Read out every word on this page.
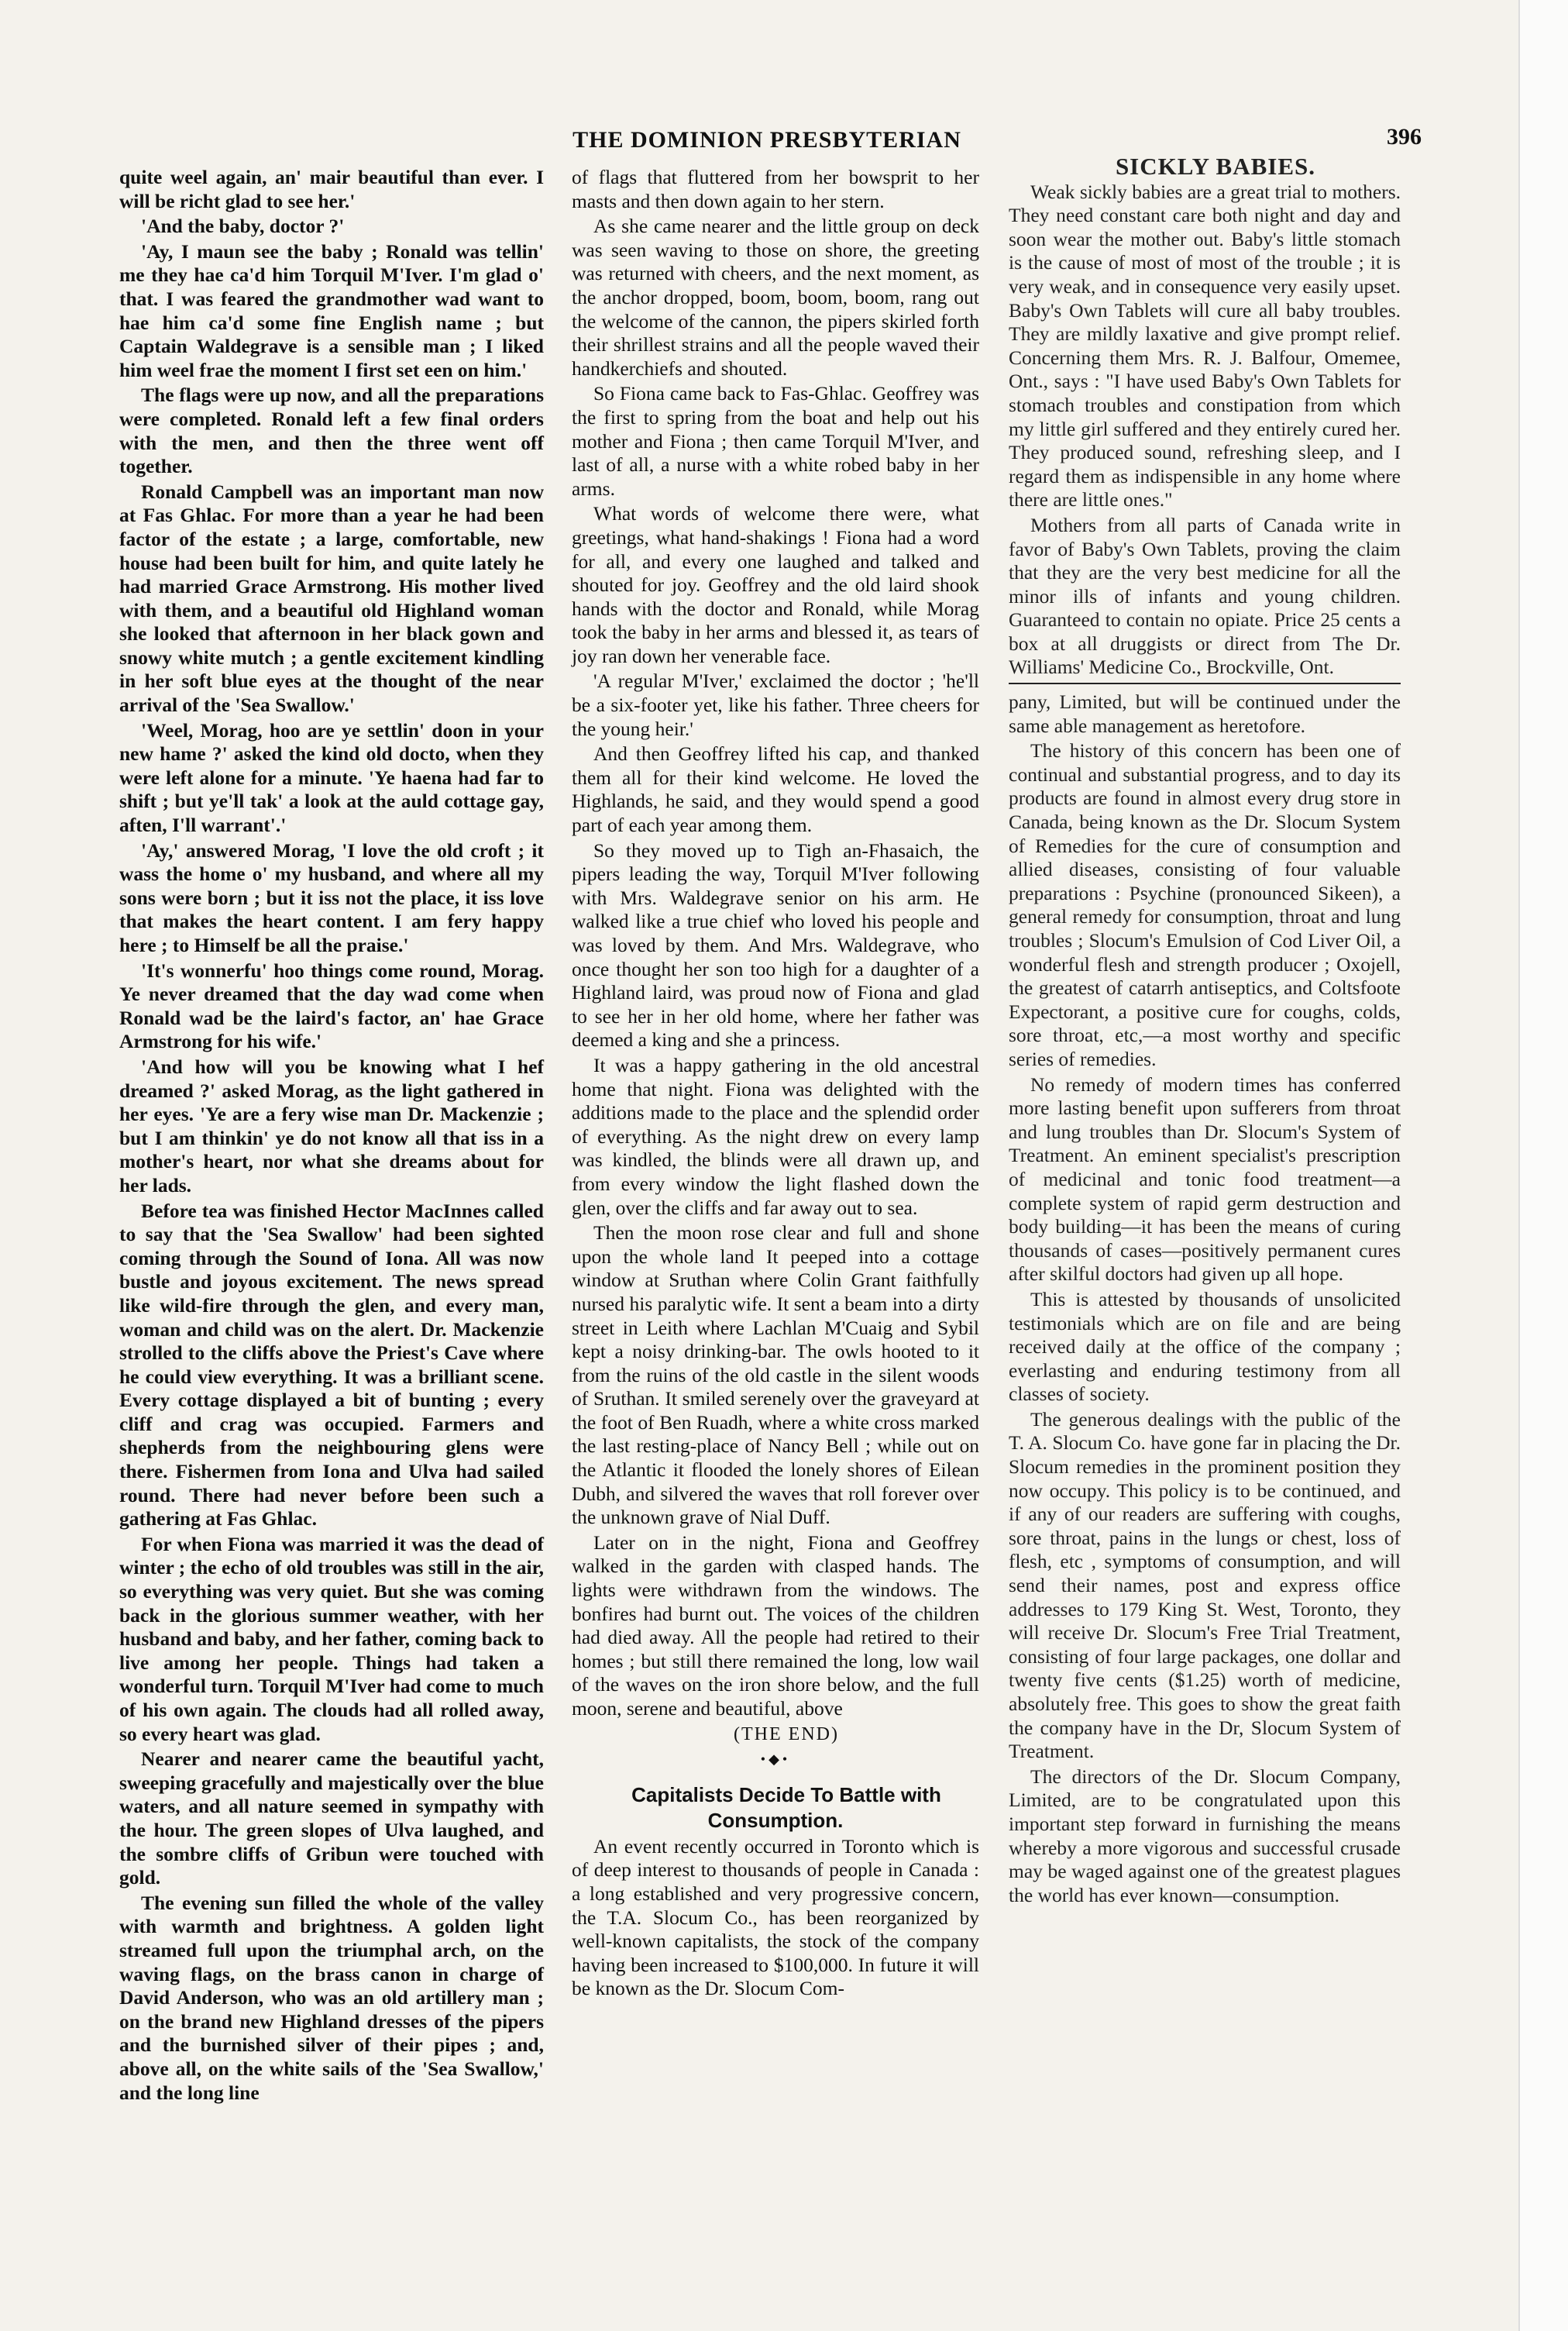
THE DOMINION PRESBYTERIAN	396

quite weel again, an' mair beautiful than ever. I will be richt glad to see her.'

'And the baby, doctor ?'

'Ay, I maun see the baby ; Ronald was tellin' me they hae ca'd him Torquil M'Iver. I'm glad o' that. I was feared the grandmother wad want to hae him ca'd some fine English name ; but Captain Waldegrave is a sensible man ; I liked him weel frae the moment I first set een on him.'

The flags were up now, and all the preparations were completed. Ronald left a few final orders with the men, and then the three went off together.

Ronald Campbell was an important man now at Fas Ghlac. For more than a year he had been factor of the estate ; a large, comfortable, new house had been built for him, and quite lately he had married Grace Armstrong. His mother lived with them, and a beautiful old Highland woman she looked that afternoon in her black gown and snowy white mutch ; a gentle excitement kindling in her soft blue eyes at the thought of the near arrival of the 'Sea Swallow.'

'Weel, Morag, hoo are ye settlin' doon in your new hame ?' asked the kind old docto, when they were left alone for a minute. 'Ye haena had far to shift ; but ye'll tak' a look at the auld cottage gay, aften, I'll warrant'.'

'Ay,' answered Morag, 'I love the old croft ; it wass the home o' my husband, and where all my sons were born ; but it iss not the place, it iss love that makes the heart content. I am fery happy here ; to Himself be all the praise.'

'It's wonnerfu' hoo things come round, Morag. Ye never dreamed that the day wad come when Ronald wad be the laird's factor, an' hae Grace Armstrong for his wife.'

'And how will you be knowing what I hef dreamed ?' asked Morag, as the light gathered in her eyes. 'Ye are a fery wise man Dr. Mackenzie ; but I am thinkin' ye do not know all that iss in a mother's heart, nor what she dreams about for her lads.

Before tea was finished Hector MacInnes called to say that the 'Sea Swallow' had been sighted coming through the Sound of Iona. All was now bustle and joyous excitement. The news spread like wild-fire through the glen, and every man, woman and child was on the alert. Dr. Mackenzie strolled to the cliffs above the Priest's Cave where he could view everything. It was a brilliant scene. Every cottage displayed a bit of bunting ; every cliff and crag was occupied. Farmers and shepherds from the neighbouring glens were there. Fishermen from Iona and Ulva had sailed round. There had never before been such a gathering at Fas Ghlac.

For when Fiona was married it was the dead of winter ; the echo of old troubles was still in the air, so everything was very quiet. But she was coming back in the glorious summer weather, with her husband and baby, and her father, coming back to live among her people. Things had taken a wonderful turn. Torquil M'Iver had come to much of his own again. The clouds had all rolled away, so every heart was glad.

Nearer and nearer came the beautiful yacht, sweeping gracefully and majestically over the blue waters, and all nature seemed in sympathy with the hour. The green slopes of Ulva laughed, and the sombre cliffs of Gribun were touched with gold.

The evening sun filled the whole of the valley with warmth and brightness. A golden light streamed full upon the triumphal arch, on the waving flags, on the brass canon in charge of David Anderson, who was an old artillery man ; on the brand new Highland dresses of the pipers and the burnished silver of their pipes ; and, above all, on the white sails of the 'Sea Swallow,' and the long line

of flags that fluttered from her bowsprit to her masts and then down again to her stern.

As she came nearer and the little group on deck was seen waving to those on shore, the greeting was returned with cheers, and the next moment, as the anchor dropped, boom, boom, boom, rang out the welcome of the cannon, the pipers skirled forth their shrillest strains and all the people waved their handkerchiefs and shouted.

So Fiona came back to Fas-Ghlac. Geoffrey was the first to spring from the boat and help out his mother and Fiona ; then came Torquil M'Iver, and last of all, a nurse with a white robed baby in her arms.

What words of welcome there were, what greetings, what hand-shakings ! Fiona had a word for all, and every one laughed and talked and shouted for joy. Geoffrey and the old laird shook hands with the doctor and Ronald, while Morag took the baby in her arms and blessed it, as tears of joy ran down her venerable face.

'A regular M'Iver,' exclaimed the doctor ; 'he'll be a six-footer yet, like his father. Three cheers for the young heir.'

And then Geoffrey lifted his cap, and thanked them all for their kind welcome. He loved the Highlands, he said, and they would spend a good part of each year among them.

So they moved up to Tigh an-Fhasaich, the pipers leading the way, Torquil M'Iver following with Mrs. Waldegrave senior on his arm. He walked like a true chief who loved his people and was loved by them. And Mrs. Waldegrave, who once thought her son too high for a daughter of a Highland laird, was proud now of Fiona and glad to see her in her old home, where her father was deemed a king and she a princess.

It was a happy gathering in the old ancestral home that night. Fiona was delighted with the additions made to the place and the splendid order of everything. As the night drew on every lamp was kindled, the blinds were all drawn up, and from every window the light flashed down the glen, over the cliffs and far away out to sea.

Then the moon rose clear and full and shone upon the whole land It peeped into a cottage window at Sruthan where Colin Grant faithfully nursed his paralytic wife. It sent a beam into a dirty street in Leith where Lachlan M'Cuaig and Sybil kept a noisy drinking-bar. The owls hooted to it from the ruins of the old castle in the silent woods of Sruthan. It smiled serenely over the graveyard at the foot of Ben Ruadh, where a white cross marked the last resting-place of Nancy Bell ; while out on the Atlantic it flooded the lonely shores of Eilean Dubh, and silvered the waves that roll forever over the unknown grave of Nial Duff.

Later on in the night, Fiona and Geoffrey walked in the garden with clasped hands. The lights were withdrawn from the windows. The bonfires had burnt out. The voices of the children had died away. All the people had retired to their homes ; but still there remained the long, low wail of the waves on the iron shore below, and the full moon, serene and beautiful, above

(THE END)

•◆•

Capitalists Decide To Battle with Consumption.

An event recently occurred in Toronto which is of deep interest to thousands of people in Canada : a long established and very progressive concern, the T.A. Slocum Co., has been reorganized by well-known capitalists, the stock of the company having been increased to $100,000. In future it will be known as the Dr. Slocum Com-

SICKLY BABIES.

Weak sickly babies are a great trial to mothers. They need constant care both night and day and soon wear the mother out. Baby's little stomach is the cause of most of most of the trouble ; it is very weak, and in consequence very easily upset. Baby's Own Tablets will cure all baby troubles. They are mildly laxative and give prompt relief. Concerning them Mrs. R. J. Balfour, Omemee, Ont., says : "I have used Baby's Own Tablets for stomach troubles and constipation from which my little girl suffered and they entirely cured her. They produced sound, refreshing sleep, and I regard them as indispensible in any home where there are little ones."

Mothers from all parts of Canada write in favor of Baby's Own Tablets, proving the claim that they are the very best medicine for all the minor ills of infants and young children. Guaranteed to contain no opiate. Price 25 cents a box at all druggists or direct from The Dr. Williams' Medicine Co., Brockville, Ont.

pany, Limited, but will be continued under the same able management as heretofore.

The history of this concern has been one of continual and substantial progress, and to day its products are found in almost every drug store in Canada, being known as the Dr. Slocum System of Remedies for the cure of consumption and allied diseases, consisting of four valuable preparations : Psychine (pronounced Sikeen), a general remedy for consumption, throat and lung troubles ; Slocum's Emulsion of Cod Liver Oil, a wonderful flesh and strength producer ; Oxojell, the greatest of catarrh antiseptics, and Coltsfoote Expectorant, a positive cure for coughs, colds, sore throat, etc,—a most worthy and specific series of remedies.

No remedy of modern times has conferred more lasting benefit upon sufferers from throat and lung troubles than Dr. Slocum's System of Treatment. An eminent specialist's prescription of medicinal and tonic food treatment—a complete system of rapid germ destruction and body building—it has been the means of curing thousands of cases—positively permanent cures after skilful doctors had given up all hope.

This is attested by thousands of unsolicited testimonials which are on file and are being received daily at the office of the company ; everlasting and enduring testimony from all classes of society.

The generous dealings with the public of the T. A. Slocum Co. have gone far in placing the Dr. Slocum remedies in the prominent position they now occupy. This policy is to be continued, and if any of our readers are suffering with coughs, sore throat, pains in the lungs or chest, loss of flesh, etc , symptoms of consumption, and will send their names, post and express office addresses to 179 King St. West, Toronto, they will receive Dr. Slocum's Free Trial Treatment, consisting of four large packages, one dollar and twenty five cents ($1.25) worth of medicine, absolutely free. This goes to show the great faith the company have in the Dr, Slocum System of Treatment.

The directors of the Dr. Slocum Company, Limited, are to be congratulated upon this important step forward in furnishing the means whereby a more vigorous and successful crusade may be waged against one of the greatest plagues the world has ever known—consumption.
